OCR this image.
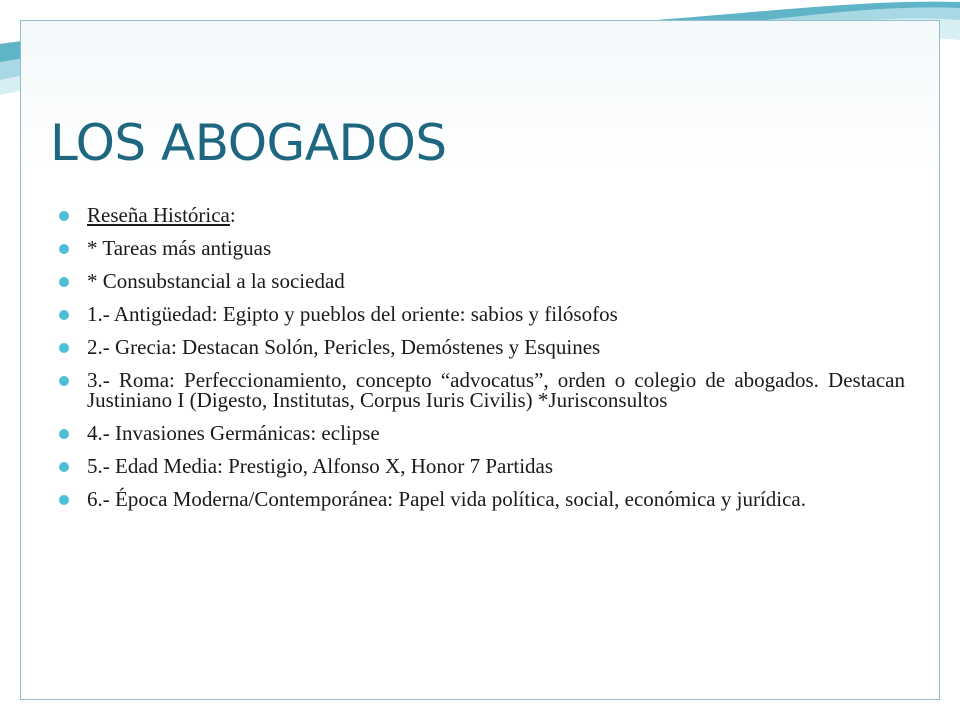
LOS ABOGADOS
Reseña Histórica:
* Tareas más antiguas
* Consubstancial a la sociedad
1.- Antigüedad: Egipto y pueblos del oriente: sabios y filósofos
2.- Grecia: Destacan Solón, Pericles, Demóstenes y Esquines
3.- Roma: Perfeccionamiento, concepto “advocatus”, orden o colegio de abogados. Destacan Justiniano I (Digesto, Institutas, Corpus Iuris Civilis) *Jurisconsultos
4.- Invasiones Germánicas: eclipse
5.- Edad Media: Prestigio, Alfonso X, Honor 7 Partidas
6.- Época Moderna/Contemporánea: Papel vida política, social, económica y jurídica.
